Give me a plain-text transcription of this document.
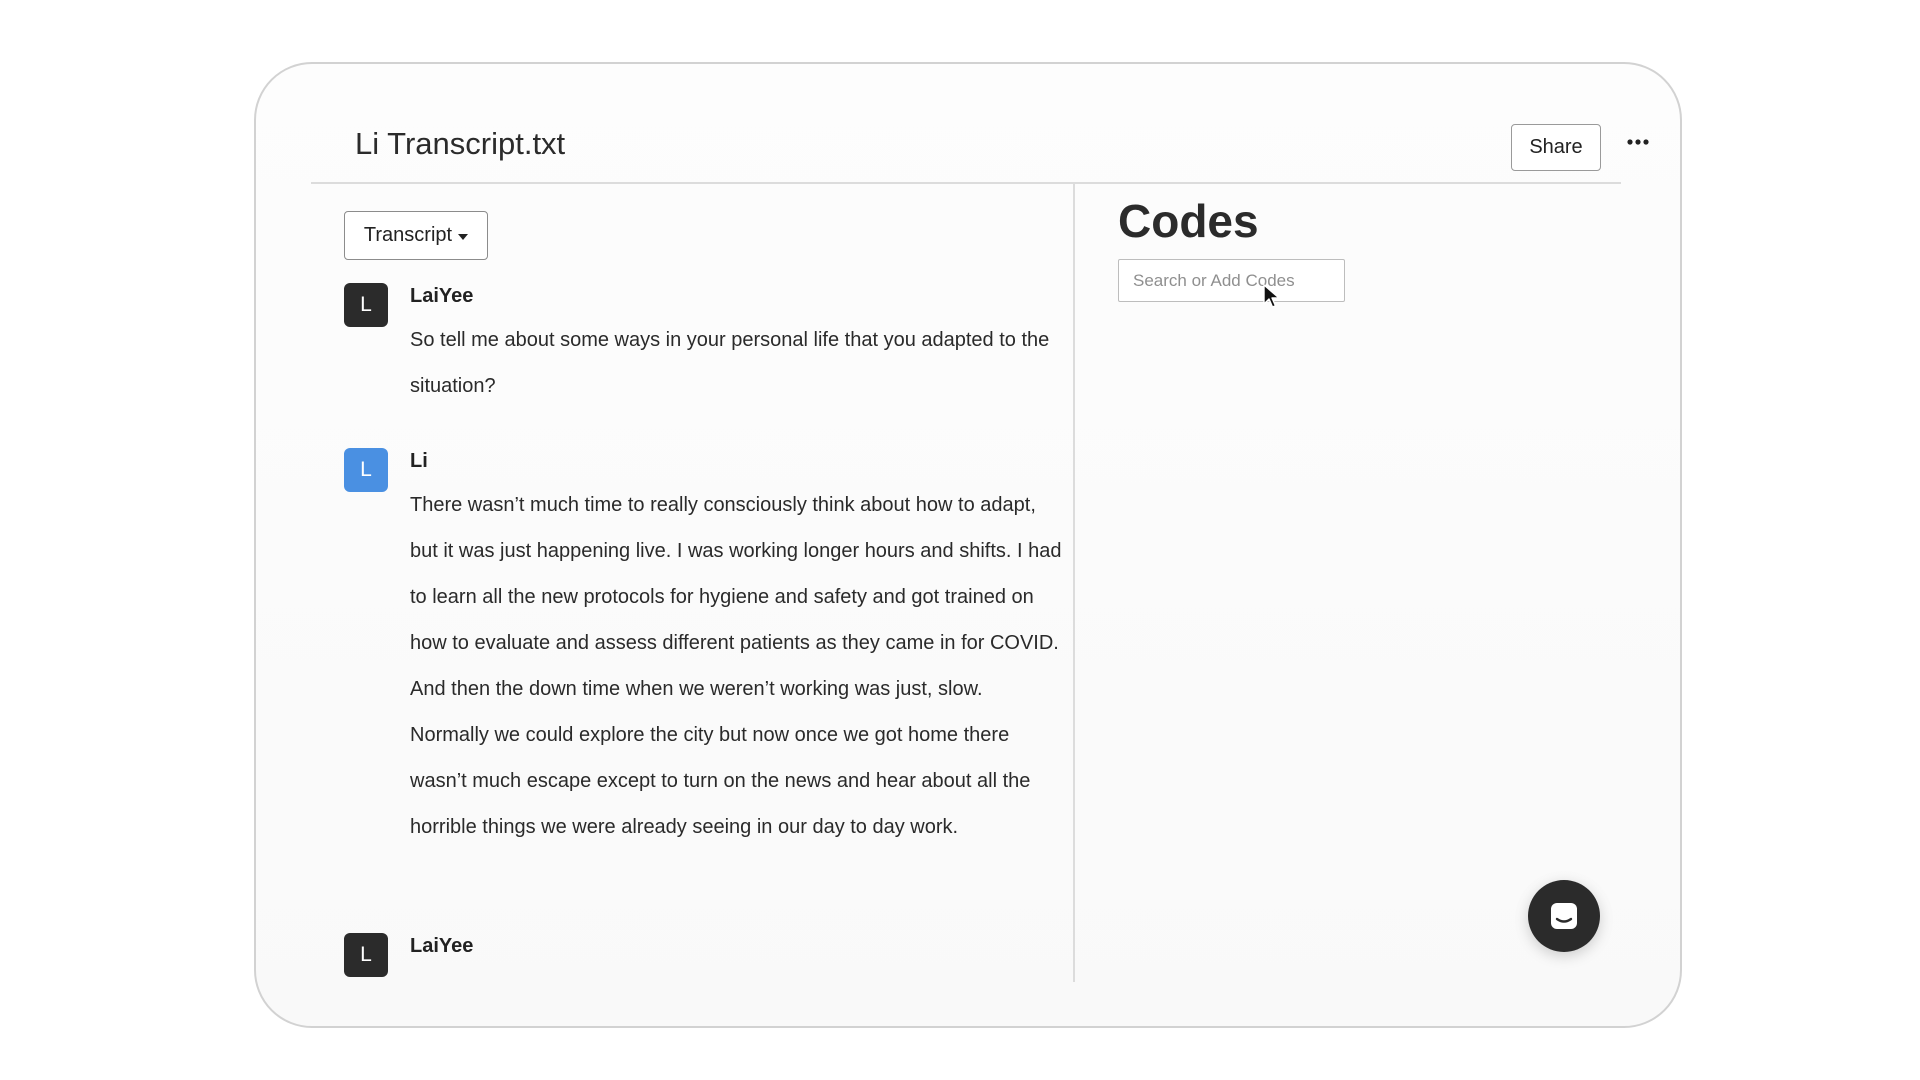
Li Transcript.txt	Share
Transcript
L	LaiYee
So tell me about some ways in your personal life that you adapted to the situation?
L	Li
There wasn’t much time to really consciously think about how to adapt, but it was just happening live. I was working longer hours and shifts. I had to learn all the new protocols for hygiene and safety and got trained on how to evaluate and assess different patients as they came in for COVID. And then the down time when we weren’t working was just, slow. Normally we could explore the city but now once we got home there wasn’t much escape except to turn on the news and hear about all the horrible things we were already seeing in our day to day work.
L	LaiYee
Codes
Search or Add Codes
